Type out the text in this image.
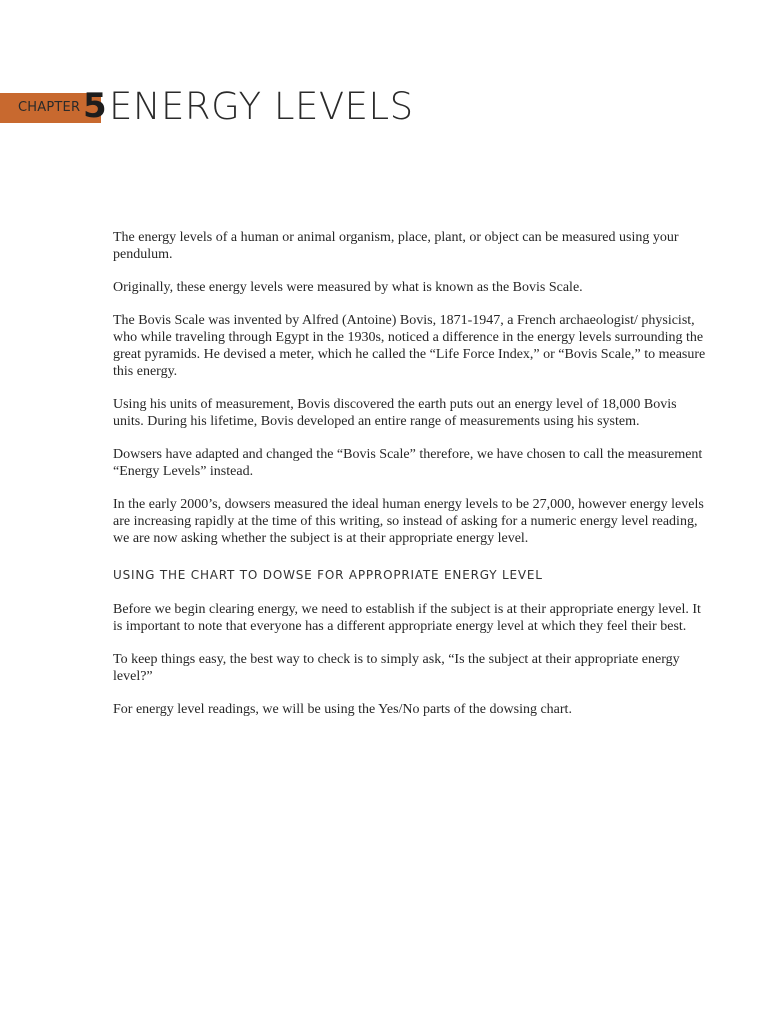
CHAPTER 5 ENERGY LEVELS

The energy levels of a human or animal organism, place, plant, or object can be measured using your pendulum.

Originally, these energy levels were measured by what is known as the Bovis Scale.

The Bovis Scale was invented by Alfred (Antoine) Bovis, 1871-1947, a French archaeologist/ physicist, who while traveling through Egypt in the 1930s, noticed a difference in the energy levels surrounding the great pyramids. He devised a meter, which he called the “Life Force Index,” or “Bovis Scale,” to measure this energy.

Using his units of measurement, Bovis discovered the earth puts out an energy level of 18,000 Bovis units. During his lifetime, Bovis developed an entire range of measurements using his system.

Dowsers have adapted and changed the “Bovis Scale” therefore, we have chosen to call the measurement “Energy Levels” instead.

In the early 2000’s, dowsers measured the ideal human energy levels to be 27,000, however energy levels are increasing rapidly at the time of this writing, so instead of asking for a numeric energy level reading, we are now asking whether the subject is at their appropriate energy level.

USING THE CHART TO DOWSE FOR APPROPRIATE ENERGY LEVEL

Before we begin clearing energy, we need to establish if the subject is at their appropriate energy level. It is important to note that everyone has a different appropriate energy level at which they feel their best.

To keep things easy, the best way to check is to simply ask, “Is the subject at their appropriate energy level?”

For energy level readings, we will be using the Yes/No parts of the dowsing chart.
